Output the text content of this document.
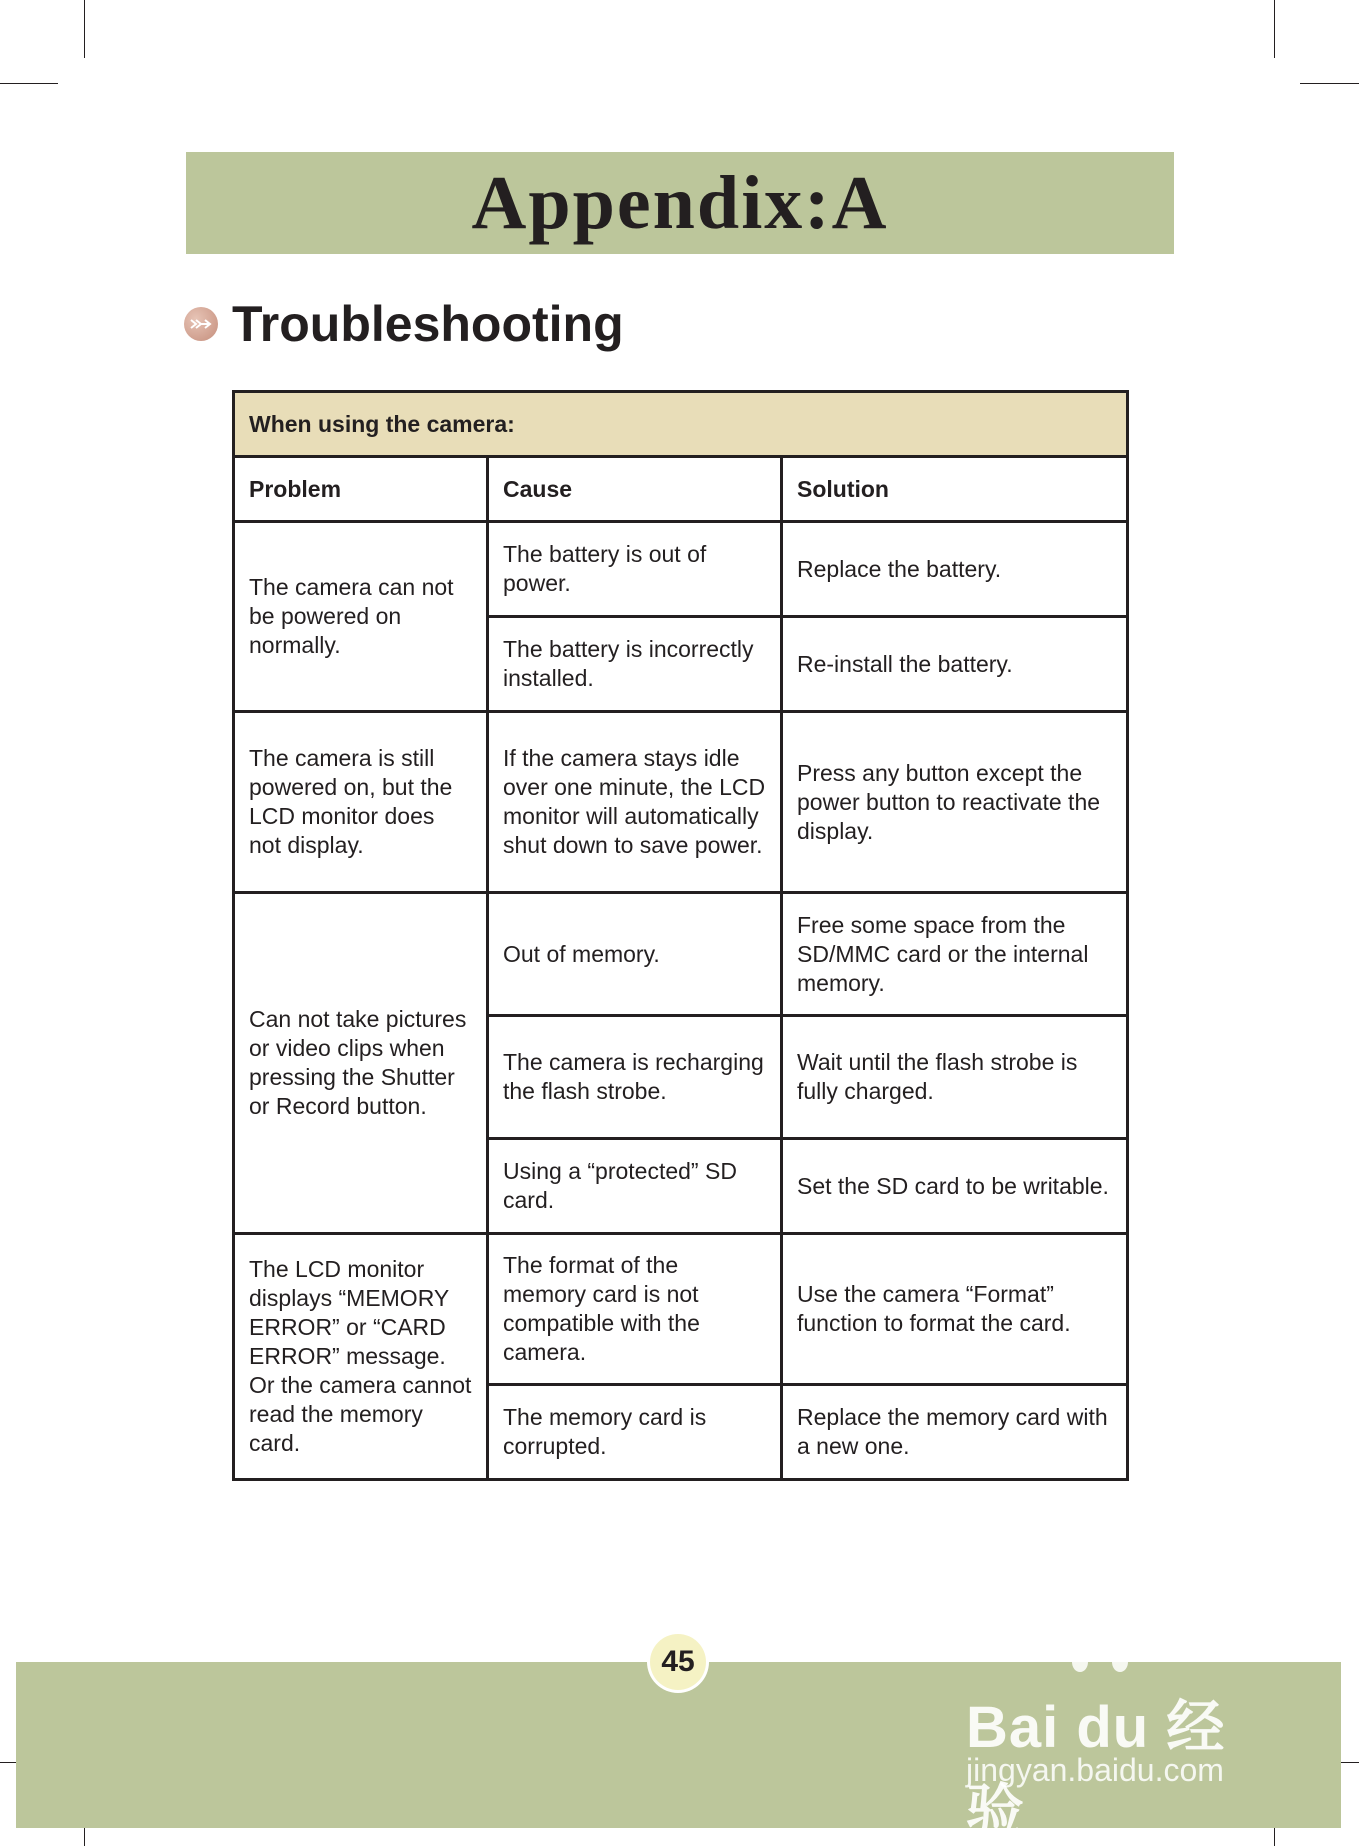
Appendix:A
Troubleshooting
When using the camera:		
Problem	Cause	Solution
The camera can not be powered on normally.	The battery is out of power.	Replace the battery.
	The battery is incorrectly installed.	Re-install the battery.
The camera is still powered on, but the LCD monitor does not display.	If the camera stays idle over one minute, the LCD monitor will automatically shut down to save power.	Press any button except the power button to reactivate the display.
Can not take pictures or video clips when pressing the Shutter or Record button.	Out of memory.	Free some space from the SD/MMC card or the internal memory.
	The camera is recharging the flash strobe.	Wait until the flash strobe is fully charged.
	Using a “protected” SD card.	Set the SD card to be writable.
The LCD monitor displays “MEMORY ERROR” or “CARD ERROR” message. Or the camera cannot read the memory card.	The format of the memory card is not compatible with the camera.	Use the camera “Format” function to format the card.
	The memory card is corrupted.	Replace the memory card with a new one.
45
Bai du 经验
jingyan.baidu.com
